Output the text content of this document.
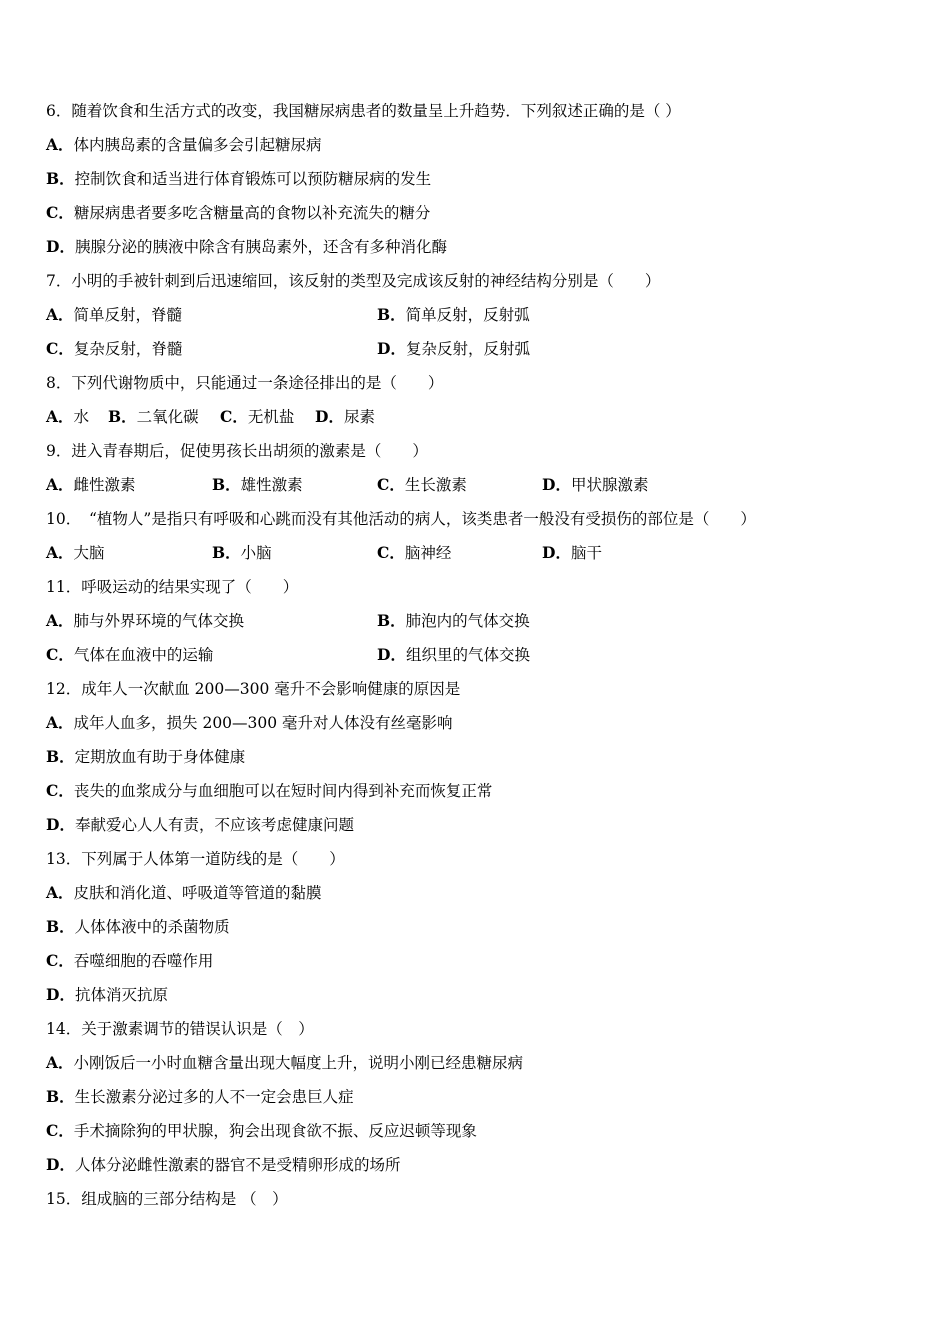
6．随着饮食和生活方式的改变，我国糖尿病患者的数量呈上升趋势．下列叙述正确的是（ ）
A．体内胰岛素的含量偏多会引起糖尿病
B．控制饮食和适当进行体育锻炼可以预防糖尿病的发生
C．糖尿病患者要多吃含糖量高的食物以补充流失的糖分
D．胰腺分泌的胰液中除含有胰岛素外，还含有多种消化酶
7．小明的手被针刺到后迅速缩回，该反射的类型及完成该反射的神经结构分别是（　　）
A．简单反射，脊髓	B．简单反射，反射弧
C．复杂反射，脊髓	D．复杂反射，反射弧
8．下列代谢物质中，只能通过一条途径排出的是（　　）
A．水 B．二氧化碳 C．无机盐 D．尿素
9．进入青春期后，促使男孩长出胡须的激素是（　　）
A．雌性激素	B．雄性激素	C．生长激素	D．甲状腺激素
10．　“植物人”是指只有呼吸和心跳而没有其他活动的病人，该类患者一般没有受损伤的部位是（　　）
A．大脑	B．小脑	C．脑神经	D．脑干
11．呼吸运动的结果实现了（　　）
A．肺与外界环境的气体交换	B．肺泡内的气体交换
C．气体在血液中的运输	D．组织里的气体交换
12．成年人一次献血 200—300 毫升不会影响健康的原因是
A．成年人血多，损失 200—300 毫升对人体没有丝毫影响
B．定期放血有助于身体健康
C．丧失的血浆成分与血细胞可以在短时间内得到补充而恢复正常
D．奉献爱心人人有责，不应该考虑健康问题
13．下列属于人体第一道防线的是（　　）
A．皮肤和消化道、呼吸道等管道的黏膜
B．人体体液中的杀菌物质
C．吞噬细胞的吞噬作用
D．抗体消灭抗原
14．关于激素调节的错误认识是（　）
A．小刚饭后一小时血糖含量出现大幅度上升，说明小刚已经患糖尿病
B．生长激素分泌过多的人不一定会患巨人症
C．手术摘除狗的甲状腺，狗会出现食欲不振、反应迟顿等现象
D．人体分泌雌性激素的器官不是受精卵形成的场所
15．组成脑的三部分结构是 （　）
